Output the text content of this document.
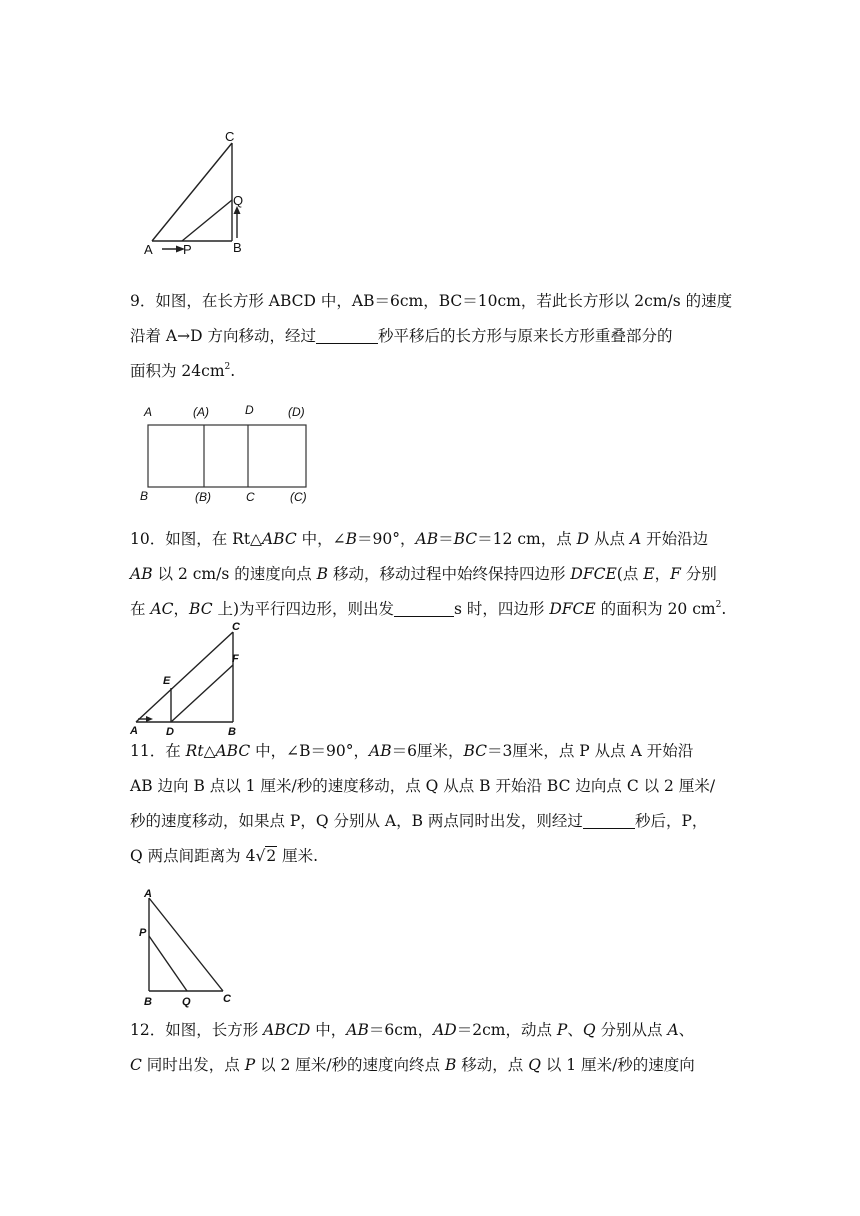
A P	B
Q
C
9．如图，在长方形 ABCD 中，AB＝6cm，BC＝10cm，若此长方形以 2cm/s 的速度
沿着 A→D 方向移动，经过	秒平移后的长方形与原来长方形重叠部分的
面积为 $24cm^2$.
A	(A)	D	(D)
B	(B)	C	(C)
10．如图，在 Rt△ABC 中，∠B＝90°，AB＝BC＝12 cm，点 D 从点 A 开始沿边
AB 以 2 cm/s 的速度向点 B 移动，移动过程中始终保持四边形 DFCE(点 E，F 分别
在 AC，BC 上)为平行四边形，则出发	s 时，四边形 DFCE 的面积为 20 $cm^2$.
A	D	B
E
F
C
11．在 Rt△ABC 中，∠B＝90°，AB＝6厘米，BC＝3厘米，点 P 从点 A 开始沿
AB 边向 B 点以 1 厘米/秒的速度移动，点 Q 从点 B 开始沿 BC 边向点 C 以 2 厘米/
秒的速度移动，如果点 P，Q 分别从 A，B 两点同时出发，则经过	秒后，P，
Q 两点间距离为 4√2 厘米.
A
P
B	Q	C
12．如图，长方形 ABCD 中，AB＝6cm，AD＝2cm，动点 P、Q 分别从点 A、
C 同时出发，点 P 以 2 厘米/秒的速度向终点 B 移动，点 Q 以 1 厘米/秒的速度向
